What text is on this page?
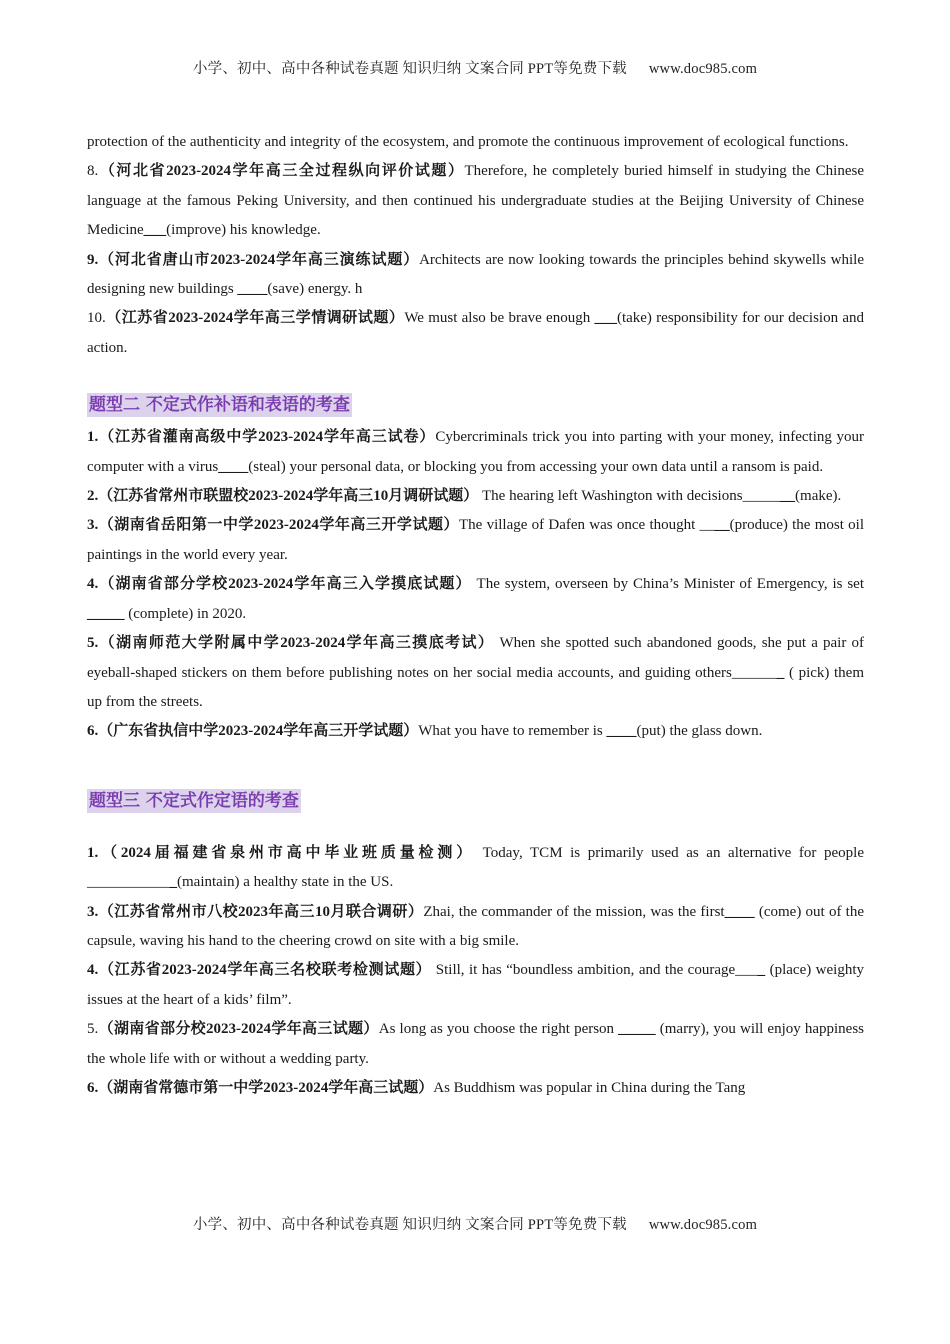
小学、初中、高中各种试卷真题 知识归纳 文案合同 PPT等免费下载 www.doc985.com

protection of the authenticity and integrity of the ecosystem, and promote the continuous improvement of ecological functions.

8.（河北省2023-2024学年高三全过程纵向评价试题）Therefore, he completely buried himself in studying the Chinese language at the famous Peking University, and then continued his undergraduate studies at the Beijing University of Chinese Medicine___(improve) his knowledge.

9.（河北省唐山市2023-2024学年高三演练试题）Architects are now looking towards the principles behind skywells while designing new buildings ____(save) energy. h

10.（江苏省2023-2024学年高三学情调研试题）We must also be brave enough ___(take) responsibility for our decision and action.

题型二 不定式作补语和表语的考查

1.（江苏省灌南高级中学2023-2024学年高三试卷）Cybercriminals trick you into parting with your money, infecting your computer with a virus____(steal) your personal data, or blocking you from accessing your own data until a ransom is paid.

2.（江苏省常州市联盟校2023-2024学年高三10月调研试题） The hearing left Washington with decisions_______(make).

3.（湖南省岳阳第一中学2023-2024学年高三开学试题）The village of Dafen was once thought ____(produce) the most oil paintings in the world every year.

4.（湖南省部分学校2023-2024学年高三入学摸底试题） The system, overseen by China’s Minister of Emergency, is set _____ (complete) in 2020.

5.（湖南师范大学附属中学2023-2024学年高三摸底考试） When she spotted such abandoned goods, she put a pair of eyeball-shaped stickers on them before publishing notes on her social media accounts, and guiding others_______ ( pick) them up from the streets.

6.（广东省执信中学2023-2024学年高三开学试题）What you have to remember is ____(put) the glass down.

题型三 不定式作定语的考查

1.（2024届福建省泉州市高中毕业班质量检测） Today, TCM is primarily used as an alternative for people ____________(maintain) a healthy state in the US.

3.（江苏省常州市八校2023年高三10月联合调研）Zhai, the commander of the mission, was the first____ (come) out of the capsule, waving his hand to the cheering crowd on site with a big smile.

4.（江苏省2023-2024学年高三名校联考检测试题） Still, it has “boundless ambition, and the courage____ (place) weighty issues at the heart of a kids’ film”.

5.（湖南省部分校2023-2024学年高三试题）As long as you choose the right person _____ (marry), you will enjoy happiness the whole life with or without a wedding party.

6.（湖南省常德市第一中学2023-2024学年高三试题）As Buddhism was popular in China during the Tang

小学、初中、高中各种试卷真题 知识归纳 文案合同 PPT等免费下载 www.doc985.com
